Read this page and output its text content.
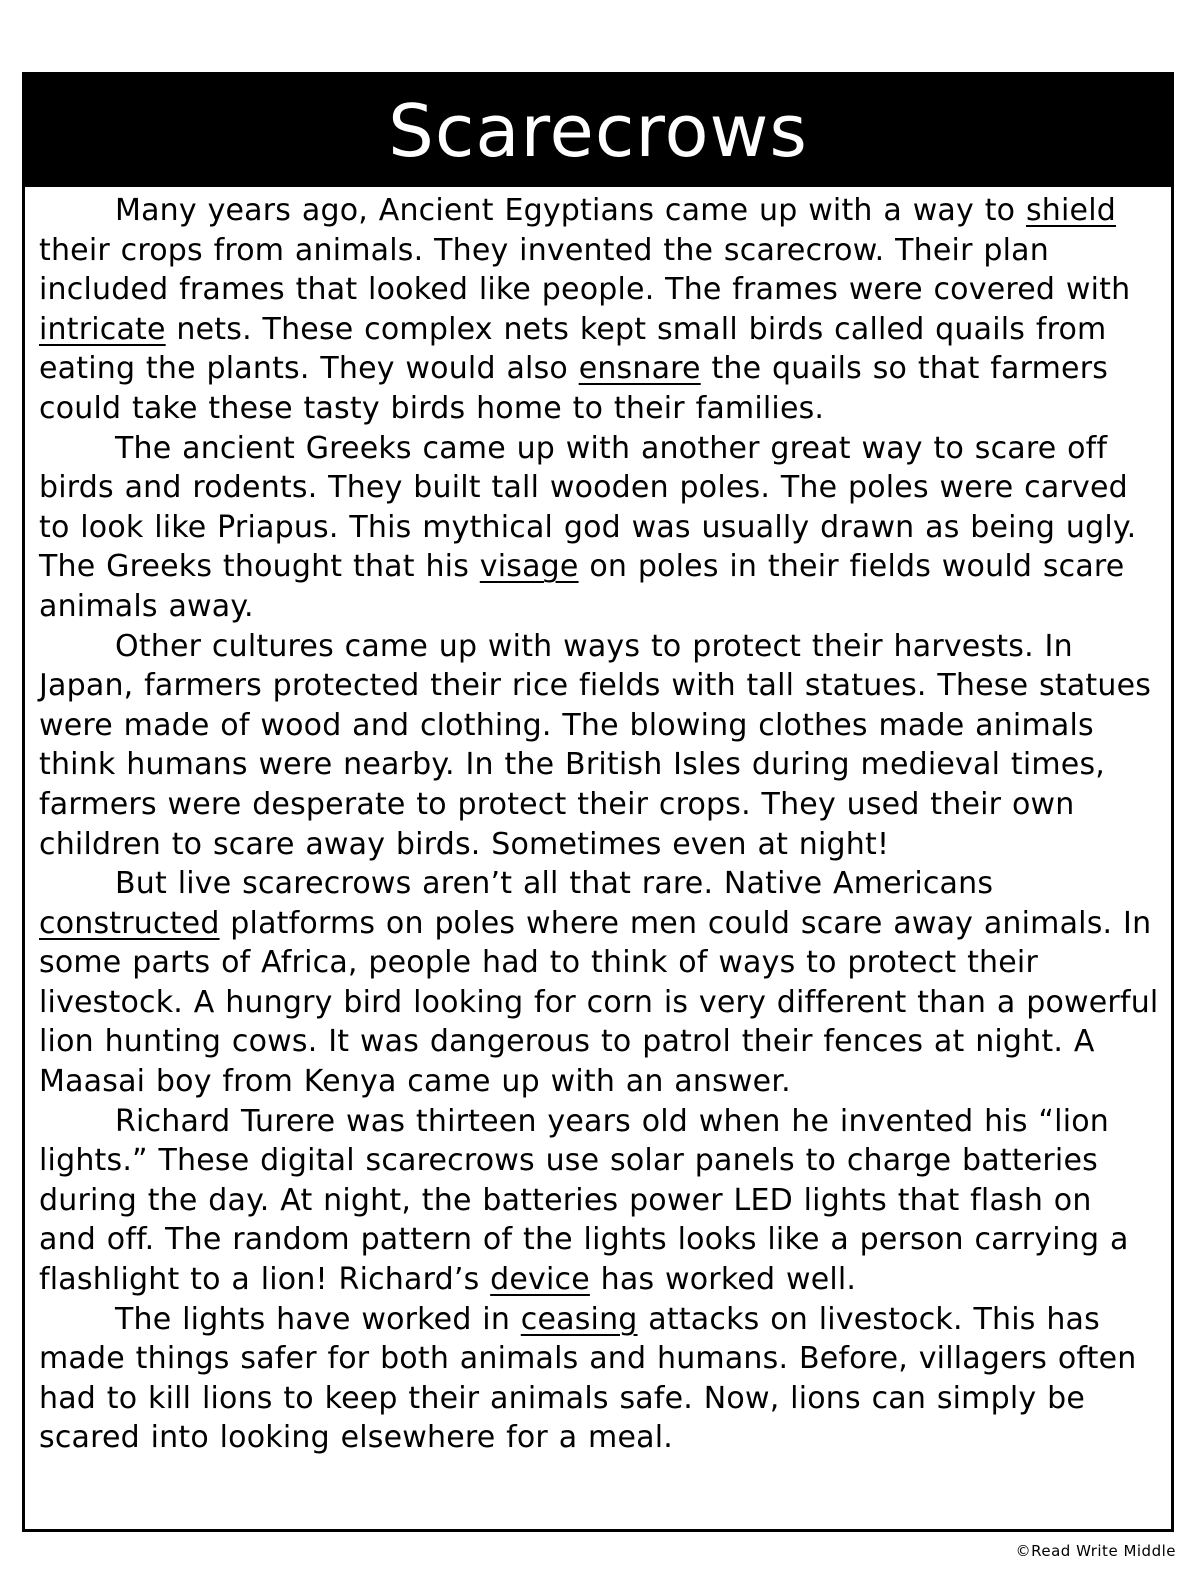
Scarecrows

Many years ago, Ancient Egyptians came up with a way to shield their crops from animals. They invented the scarecrow. Their plan included frames that looked like people. The frames were covered with intricate nets. These complex nets kept small birds called quails from eating the plants. They would also ensnare the quails so that farmers could take these tasty birds home to their families.

The ancient Greeks came up with another great way to scare off birds and rodents. They built tall wooden poles. The poles were carved to look like Priapus. This mythical god was usually drawn as being ugly. The Greeks thought that his visage on poles in their fields would scare animals away.

Other cultures came up with ways to protect their harvests. In Japan, farmers protected their rice fields with tall statues. These statues were made of wood and clothing. The blowing clothes made animals think humans were nearby. In the British Isles during medieval times, farmers were desperate to protect their crops. They used their own children to scare away birds. Sometimes even at night!

But live scarecrows aren’t all that rare. Native Americans constructed platforms on poles where men could scare away animals. In some parts of Africa, people had to think of ways to protect their livestock. A hungry bird looking for corn is very different than a powerful lion hunting cows. It was dangerous to patrol their fences at night. A Maasai boy from Kenya came up with an answer.

Richard Turere was thirteen years old when he invented his “lion lights.” These digital scarecrows use solar panels to charge batteries during the day. At night, the batteries power LED lights that flash on and off. The random pattern of the lights looks like a person carrying a flashlight to a lion! Richard’s device has worked well.

The lights have worked in ceasing attacks on livestock. This has made things safer for both animals and humans. Before, villagers often had to kill lions to keep their animals safe. Now, lions can simply be scared into looking elsewhere for a meal.

©Read Write Middle
